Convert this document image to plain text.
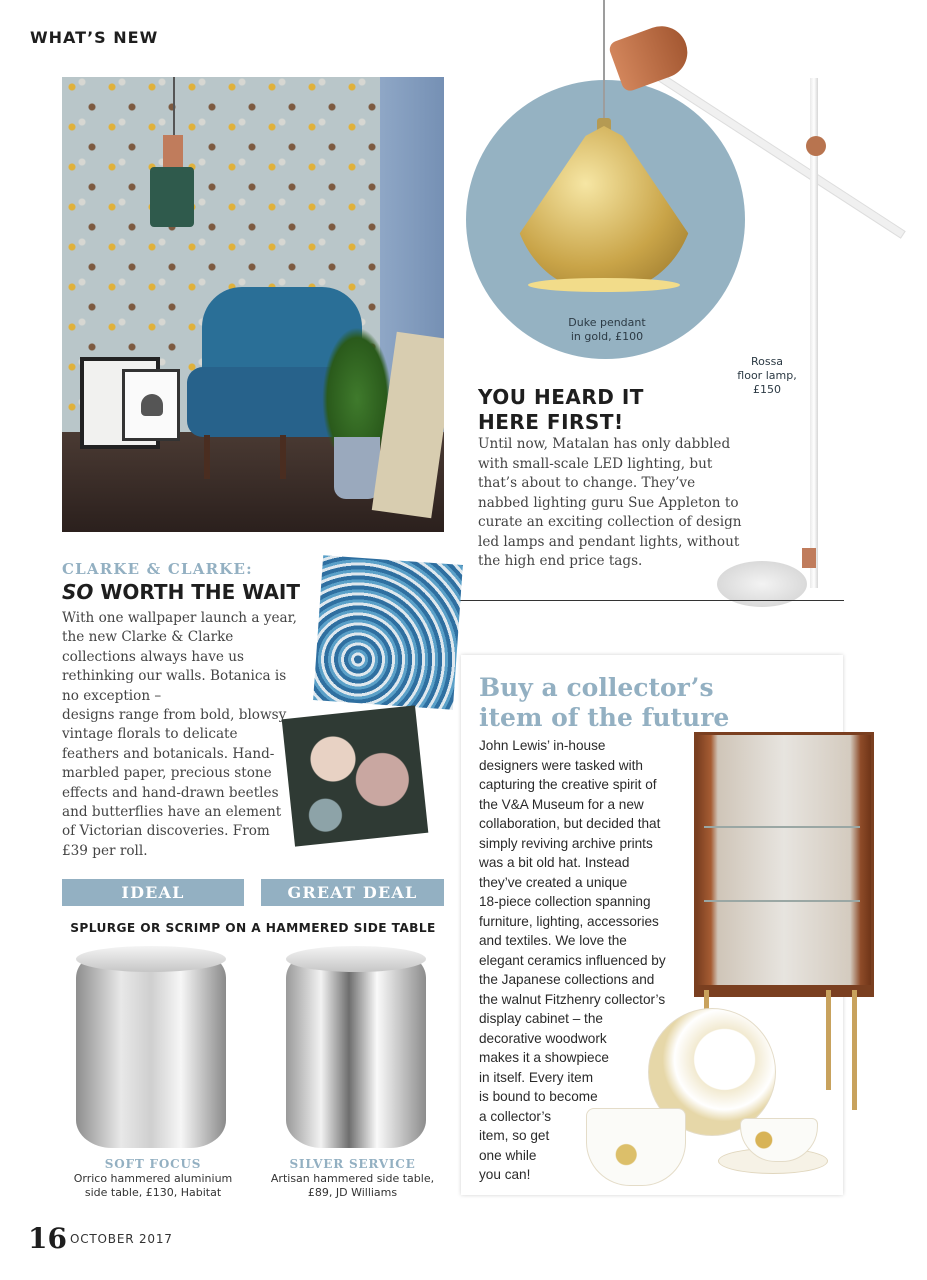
WHAT’S NEW
Duke pendant
in gold, £100
Rossa
floor lamp,
£150
YOU HEARD IT
HERE FIRST!
Until now, Matalan has only dabbled with small-scale LED lighting, but that’s about to change. They’ve nabbed lighting guru Sue Appleton to curate an exciting collection of design led lamps and pendant lights, without the high end price tags.
CLARKE & CLARKE:
SO WORTH THE WAIT
With one wallpaper launch a year, the new Clarke & Clarke collections always have us rethinking our walls. Botanica is no exception –
designs range from bold, blowsy vintage florals to delicate feathers and botanicals. Hand-marbled paper, precious stone effects and hand-drawn beetles and butterflies have an element of Victorian discoveries. From £39 per roll.
IDEAL	GREAT DEAL
SPLURGE OR SCRIMP ON A HAMMERED SIDE TABLE
SOFT FOCUS
Orrico hammered aluminium
side table, £130, Habitat
SILVER SERVICE
Artisan hammered side table,
£89, JD Williams
Buy a collector’s
item of the future
John Lewis’ in-house
designers were tasked with
capturing the creative spirit of
the V&A Museum for a new
collaboration, but decided that
simply reviving archive prints
was a bit old hat. Instead
they’ve created a unique
18-piece collection spanning
furniture, lighting, accessories
and textiles. We love the
elegant ceramics influenced by
the Japanese collections and
the walnut Fitzhenry collector’s
display cabinet – the
decorative woodwork
makes it a showpiece
in itself. Every item
is bound to become
a collector’s
item, so get
one while
you can!
16 OCTOBER 2017
